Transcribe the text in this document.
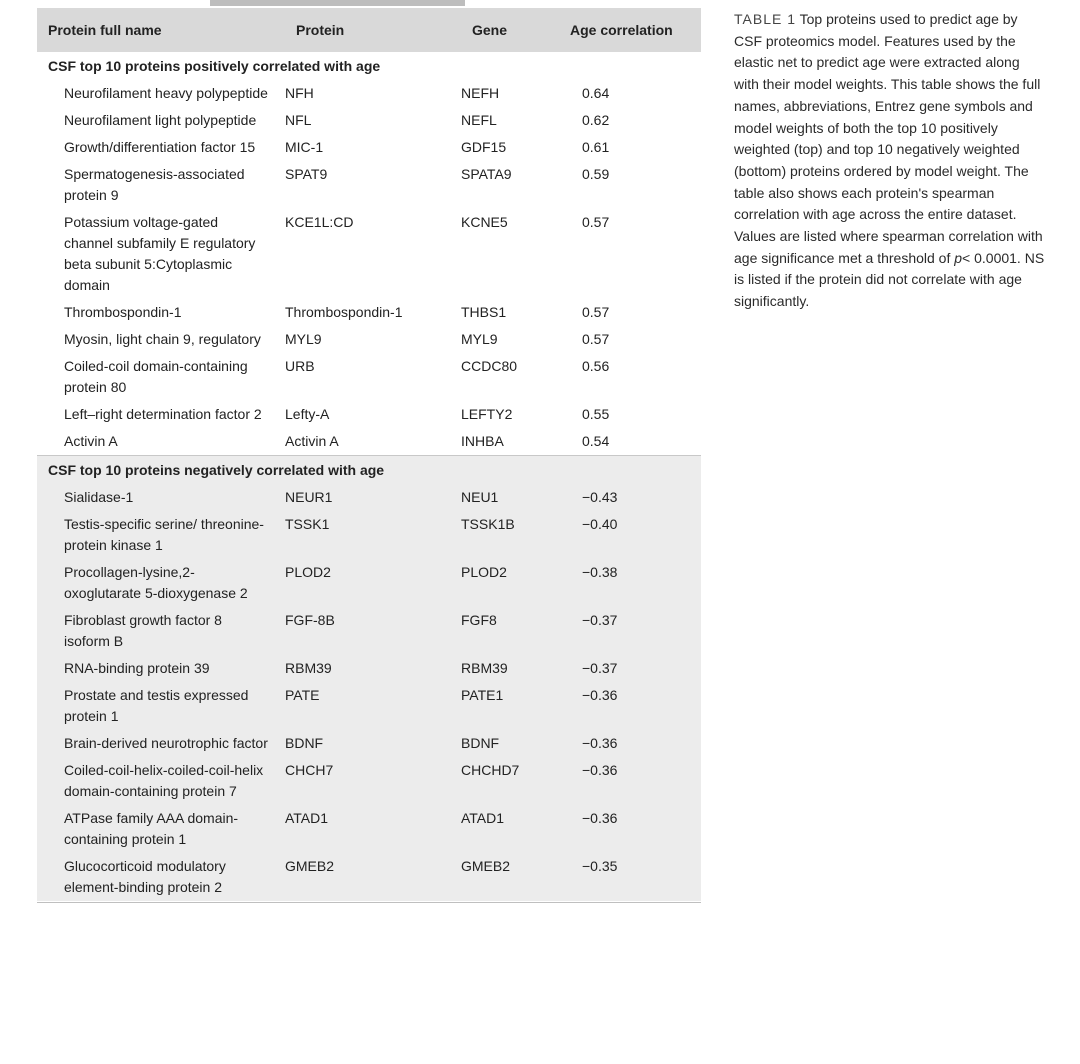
Protein full name	Protein	Gene	Age correlation
CSF top 10 proteins positively correlated with age			
Neurofilament heavy polypeptide	NFH	NEFH	0.64
Neurofilament light polypeptide	NFL	NEFL	0.62
Growth/differentiation factor 15	MIC-1	GDF15	0.61
Spermatogenesis-associated protein 9	SPAT9	SPATA9	0.59
Potassium voltage-gated channel subfamily E regulatory beta subunit 5:Cytoplasmic domain	KCE1L:CD	KCNE5	0.57
Thrombospondin-1	Thrombospondin-1	THBS1	0.57
Myosin, light chain 9, regulatory	MYL9	MYL9	0.57
Coiled-coil domain-containing protein 80	URB	CCDC80	0.56
Left–right determination factor 2	Lefty-A	LEFTY2	0.55
Activin A	Activin A	INHBA	0.54
CSF top 10 proteins negatively correlated with age			
Sialidase-1	NEUR1	NEU1	−0.43
Testis-specific serine/ threonine-protein kinase 1	TSSK1	TSSK1B	−0.40
Procollagen-lysine,2-oxoglutarate 5-dioxygenase 2	PLOD2	PLOD2	−0.38
Fibroblast growth factor 8 isoform B	FGF-8B	FGF8	−0.37
RNA-binding protein 39	RBM39	RBM39	−0.37
Prostate and testis expressed protein 1	PATE	PATE1	−0.36
Brain-derived neurotrophic factor	BDNF	BDNF	−0.36
Coiled-coil-helix-coiled-coil-helix domain-containing protein 7	CHCH7	CHCHD7	−0.36
ATPase family AAA domain-containing protein 1	ATAD1	ATAD1	−0.36
Glucocorticoid modulatory element-binding protein 2	GMEB2	GMEB2	−0.35
TABLE 1 Top proteins used to predict age by CSF proteomics model. Features used by the elastic net to predict age were extracted along with their model weights. This table shows the full names, abbreviations, Entrez gene symbols and model weights of both the top 10 positively weighted (top) and top 10 negatively weighted (bottom) proteins ordered by model weight. The table also shows each protein's spearman correlation with age across the entire dataset. Values are listed where spearman correlation with age significance met a threshold of p< 0.0001. NS is listed if the protein did not correlate with age significantly.
